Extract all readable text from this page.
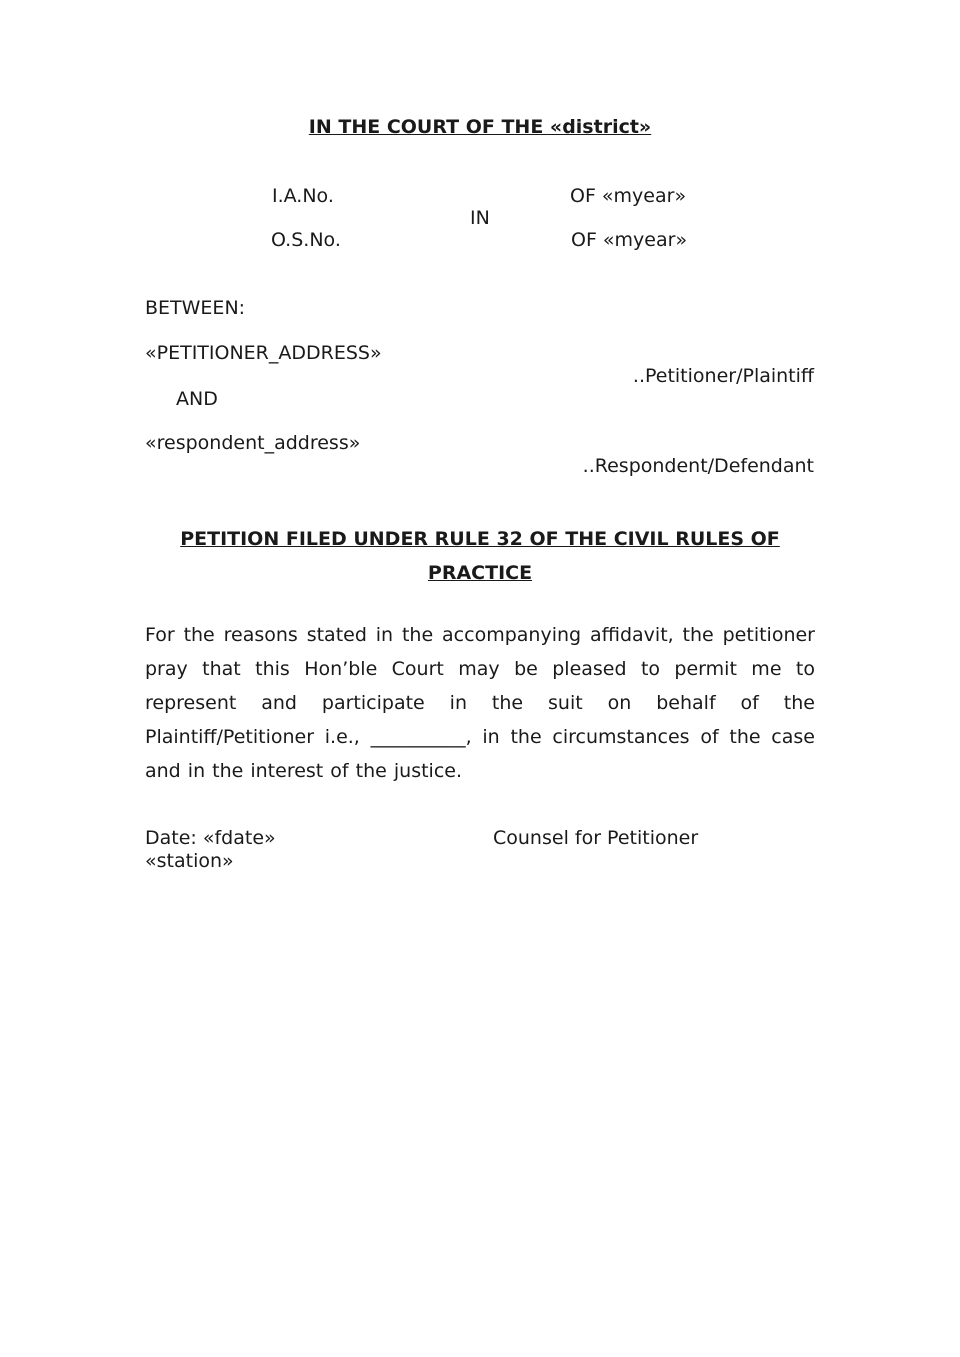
IN THE COURT OF THE «district»
I.A.No.	OF «myear»
IN
O.S.No.	OF «myear»
BETWEEN:
«PETITIONER_ADDRESS»
..Petitioner/Plaintiff
AND
«respondent_address»
..Respondent/Defendant
PETITION FILED UNDER RULE 32 OF THE CIVIL RULES OF PRACTICE
For the reasons stated in the accompanying affidavit, the petitioner pray that this Hon’ble Court may be pleased to permit me to represent and participate in the suit on behalf of the Plaintiff/Petitioner i.e., __________, in the circumstances of the case and in the interest of the justice.
Date: «fdate»	Counsel for Petitioner
«station»
